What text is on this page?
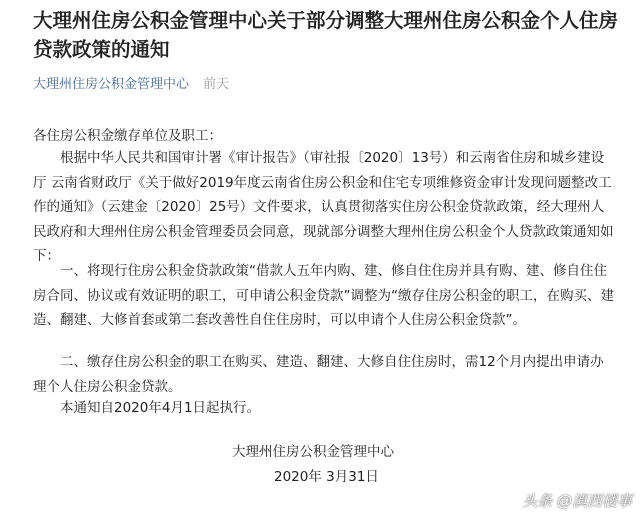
大理州住房公积金管理中心关于部分调整大理州住房公积金个人住房贷款政策的通知
大理州住房公积金管理中心 前天

各住房公积金缴存单位及职工：

根据中华人民共和国审计署《审计报告》（审社报〔2020〕13号）和云南省住房和城乡建设厅 云南省财政厅《关于做好2019年度云南省住房公积金和住宅专项维修资金审计发现问题整改工作的通知》（云建金〔2020〕25号）文件要求，认真贯彻落实住房公积金贷款政策，经大理州人民政府和大理州住房公积金管理委员会同意，现就部分调整大理州住房公积金个人贷款政策通知如下：

一、将现行住房公积金贷款政策“借款人五年内购、建、修自住住房并具有购、建、修自住住房合同、协议或有效证明的职工，可申请公积金贷款”调整为“缴存住房公积金的职工，在购买、建造、翻建、大修首套或第二套改善性自住住房时，可以申请个人住房公积金贷款”。

二、缴存住房公积金的职工在购买、建造、翻建、大修自住住房时，需12个月内提出申请办理个人住房公积金贷款。

本通知自2020年4月1日起执行。

大理州住房公积金管理中心
2020年 3月31日
头条 @滇西楼事
